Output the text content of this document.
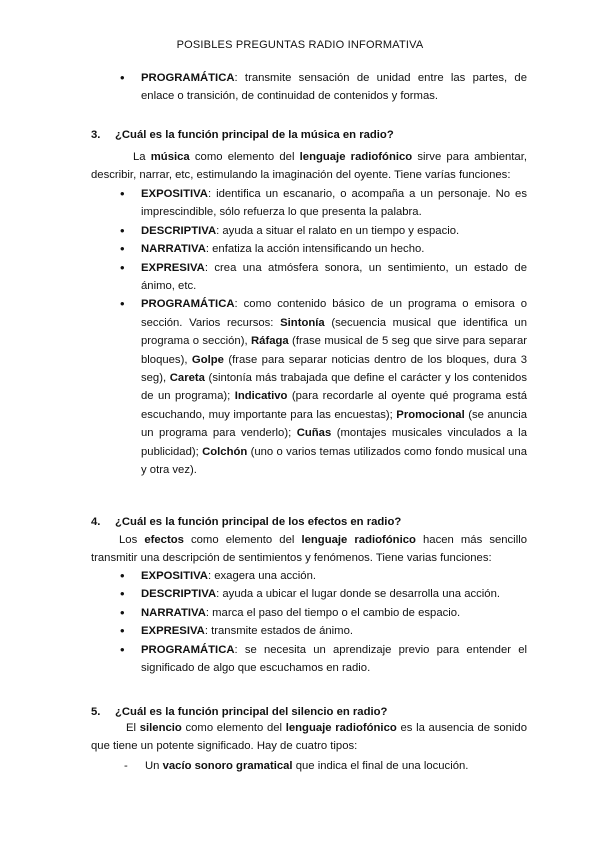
POSIBLES PREGUNTAS RADIO INFORMATIVA
• PROGRAMÁTICA: transmite sensación de unidad entre las partes, de enlace o transición, de continuidad de contenidos y formas.

3. ¿Cuál es la función principal de la música en radio?

La música como elemento del lenguaje radiofónico sirve para ambientar, describir, narrar, etc, estimulando la imaginación del oyente. Tiene varías funciones:

• EXPOSITIVA: identifica un escanario, o acompaña a un personaje. No es imprescindible, sólo refuerza lo que presenta la palabra.
• DESCRIPTIVA: ayuda a situar el ralato en un tiempo y espacio.
• NARRATIVA: enfatiza la acción intensificando un hecho.
• EXPRESIVA: crea una atmósfera sonora, un sentimiento, un estado de ánimo, etc.
• PROGRAMÁTICA: como contenido básico de un programa o emisora o sección. Varios recursos: Sintonía (secuencia musical que identifica un programa o sección), Ráfaga (frase musical de 5 seg que sirve para separar bloques), Golpe (frase para separar noticias dentro de los bloques, dura 3 seg), Careta (sintonía más trabajada que define el carácter y los contenidos de un programa); Indicativo (para recordarle al oyente qué programa está escuchando, muy importante para las encuestas); Promocional (se anuncia un programa para venderlo); Cuñas (montajes musicales vinculados a la publicidad); Colchón (uno o varios temas utilizados como fondo musical una y otra vez).

4. ¿Cuál es la función principal de los efectos en radio?

Los efectos como elemento del lenguaje radiofónico hacen más sencillo transmitir una descripción de sentimientos y fenómenos. Tiene varias funciones:

• EXPOSITIVA: exagera una acción.
• DESCRIPTIVA: ayuda a ubicar el lugar donde se desarrolla una acción.
• NARRATIVA: marca el paso del tiempo o el cambio de espacio.
• EXPRESIVA: transmite estados de ánimo.
• PROGRAMÁTICA: se necesita un aprendizaje previo para entender el significado de algo que escuchamos en radio.

5. ¿Cuál es la función principal del silencio en radio?

El silencio como elemento del lenguaje radiofónico es la ausencia de sonido que tiene un potente significado. Hay de cuatro tipos:

- Un vacío sonoro gramatical que indica el final de una locución.
